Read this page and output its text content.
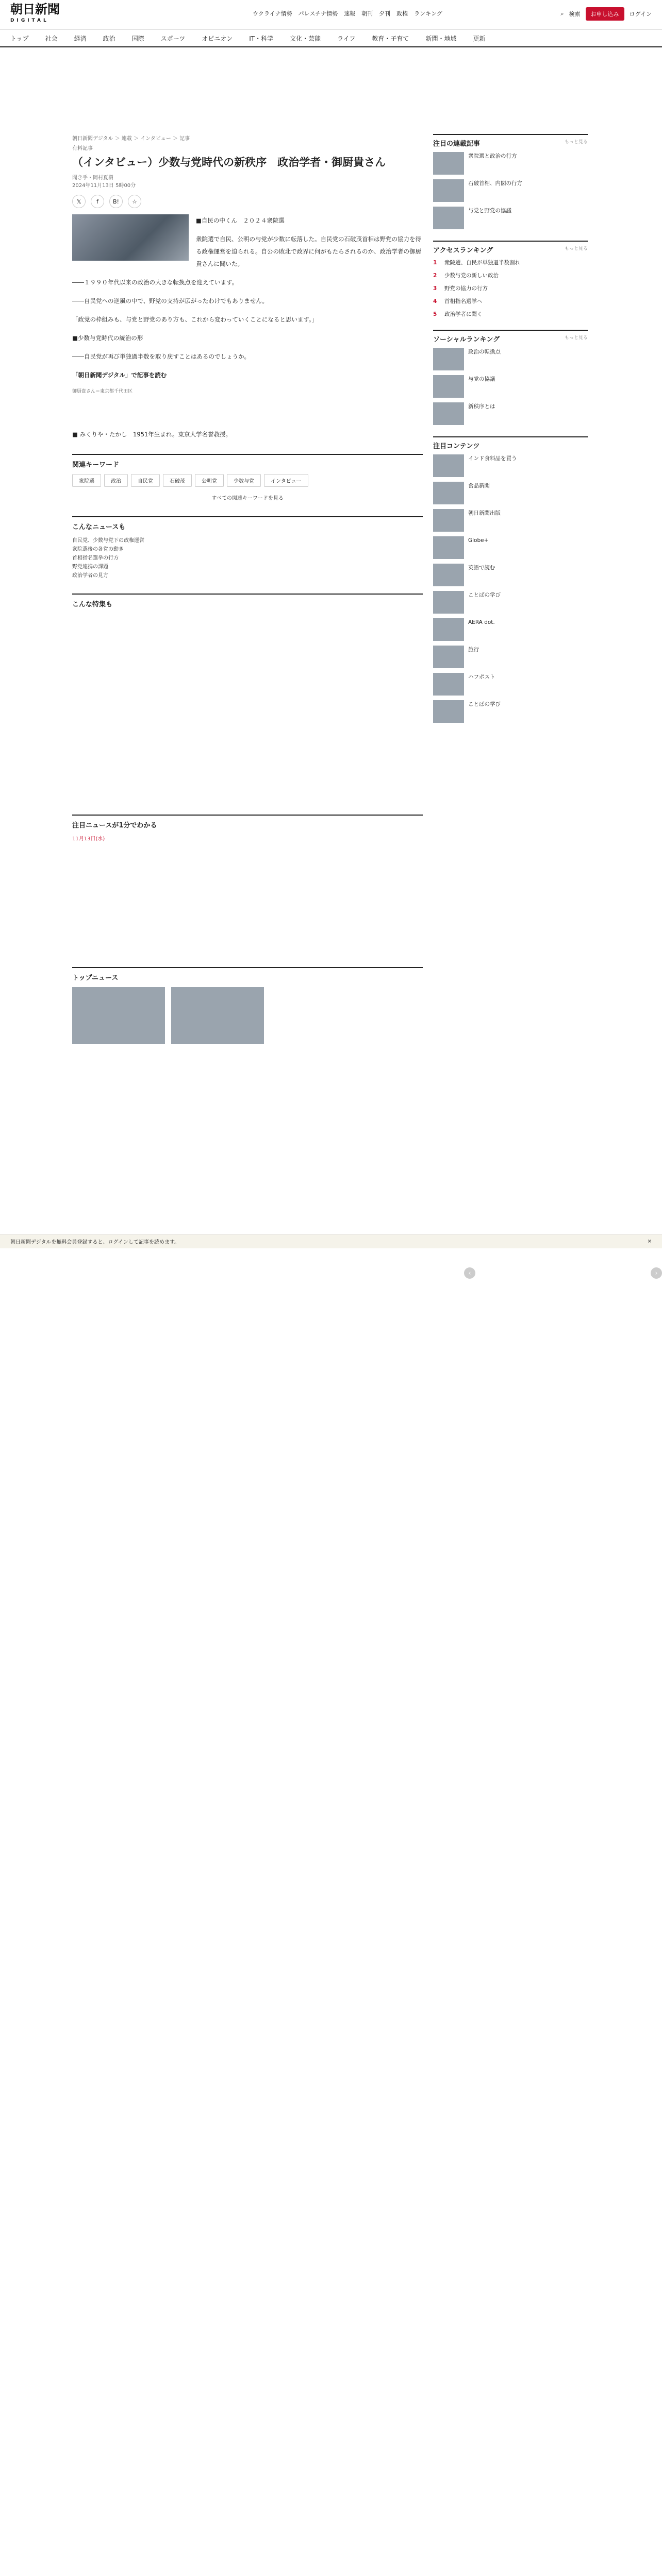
朝日新聞
DIGITAL
ウクライナ情勢 パレスチナ情勢 速報 朝刊 夕刊 政権 ランキング	⌕ 検索	お申し込み	ログイン
トップ	社会	経済	政治	国際	スポーツ	オピニオン	IT・科学	文化・芸能	ライフ	教育・子育て	新聞・地域	更新
朝日新聞デジタル ＞ 連載 ＞ インタビュー ＞ 記事
有料記事
（インタビュー）少数与党時代の新秩序　政治学者・御厨貴さん
聞き手・岡村夏樹
2024年11月13日 5時00分
𝕏	f	B!	☆

■自民の中くん　２０２４衆院選

衆院選で自民、公明の与党が少数に転落した。自民党の石破茂首相は野党の協力を得る政権運営を迫られる。自公の敗北で政界に何がもたらされるのか、政治学者の御厨貴さんに聞いた。

――１９９０年代以来の政治の大きな転換点を迎えています。

――自民党への逆風の中で、野党の支持が広がったわけでもありません。

「政党の枠組みも、与党と野党のあり方も、これから変わっていくことになると思います。」

■少数与党時代の統治の形

――自民党が再び単独過半数を取り戻すことはあるのでしょうか。

「朝日新聞デジタル」で記事を読む

御厨貴さん＝東京都千代田区
■ みくりや・たかし　1951年生まれ。東京大学名誉教授。
関連キーワード
衆院選	政治	自民党	石破茂	公明党	少数与党	インタビュー
すべての関連キーワードを見る
こんなニュースも
自民党、少数与党下の政権運営
衆院選後の各党の動き
首相指名選挙の行方
野党連携の課題
政治学者の見方
こんな特集も
注目ニュースが1分でわかる
11月13日(水)
トップニュース
注目の連載記事	もっと見る
衆院選と政治の行方
石破首相、内閣の行方
与党と野党の協議
アクセスランキング	もっと見る
1	衆院選、自民が単独過半数割れ
2	少数与党の新しい政治
3	野党の協力の行方
4	首相指名選挙へ
5	政治学者に聞く
ソーシャルランキング	もっと見る
政治の転換点
与党の協議
新秩序とは
注目コンテンツ
インド食料品を買う
食品新聞
朝日新聞出版
Globe+
英語で読む
ことばの学び
AERA dot.
旅行
ハフポスト
ことばの学び
朝日新聞デジタルを無料会員登録すると、ログインして記事を読めます。	×
‹	›
